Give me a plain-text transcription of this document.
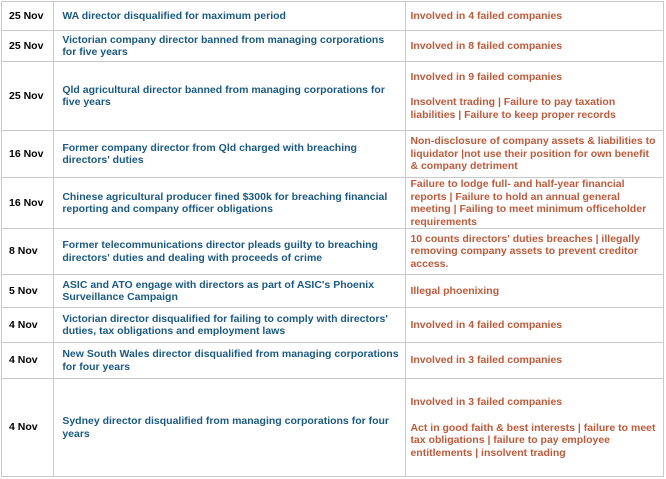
25 Nov	WA director disqualified for maximum period	Involved in 4 failed companies

25 Nov	Victorian company director banned from managing corporations for five years	Involved in 8 failed companies

25 Nov	Qld agricultural director banned from managing corporations for five years	Involved in 9 failed companies
Insolvent trading | Failure to pay taxation liabilities | Failure to keep proper records

16 Nov	Former company director from Qld charged with breaching directors' duties	Non-disclosure of company assets & liabilities to liquidator |not use their position for own benefit & company detriment

16 Nov	Chinese agricultural producer fined $300k for breaching financial reporting and company officer obligations	Failure to lodge full- and half-year financial reports | Failure to hold an annual general meeting | Failing to meet minimum officeholder requirements

8 Nov	Former telecommunications director pleads guilty to breaching directors' duties and dealing with proceeds of crime	10 counts directors' duties breaches | illegally removing company assets to prevent creditor access.

5 Nov	ASIC and ATO engage with directors as part of ASIC's Phoenix Surveillance Campaign	Illegal phoenixing

4 Nov	Victorian director disqualified for failing to comply with directors' duties, tax obligations and employment laws	Involved in 4 failed companies

4 Nov	New South Wales director disqualified from managing corporations for four years	Involved in 3 failed companies

4 Nov	Sydney director disqualified from managing corporations for four years	Involved in 3 failed companies
Act in good faith & best interests | failure to meet tax obligations | failure to pay employee entitlements | insolvent trading
